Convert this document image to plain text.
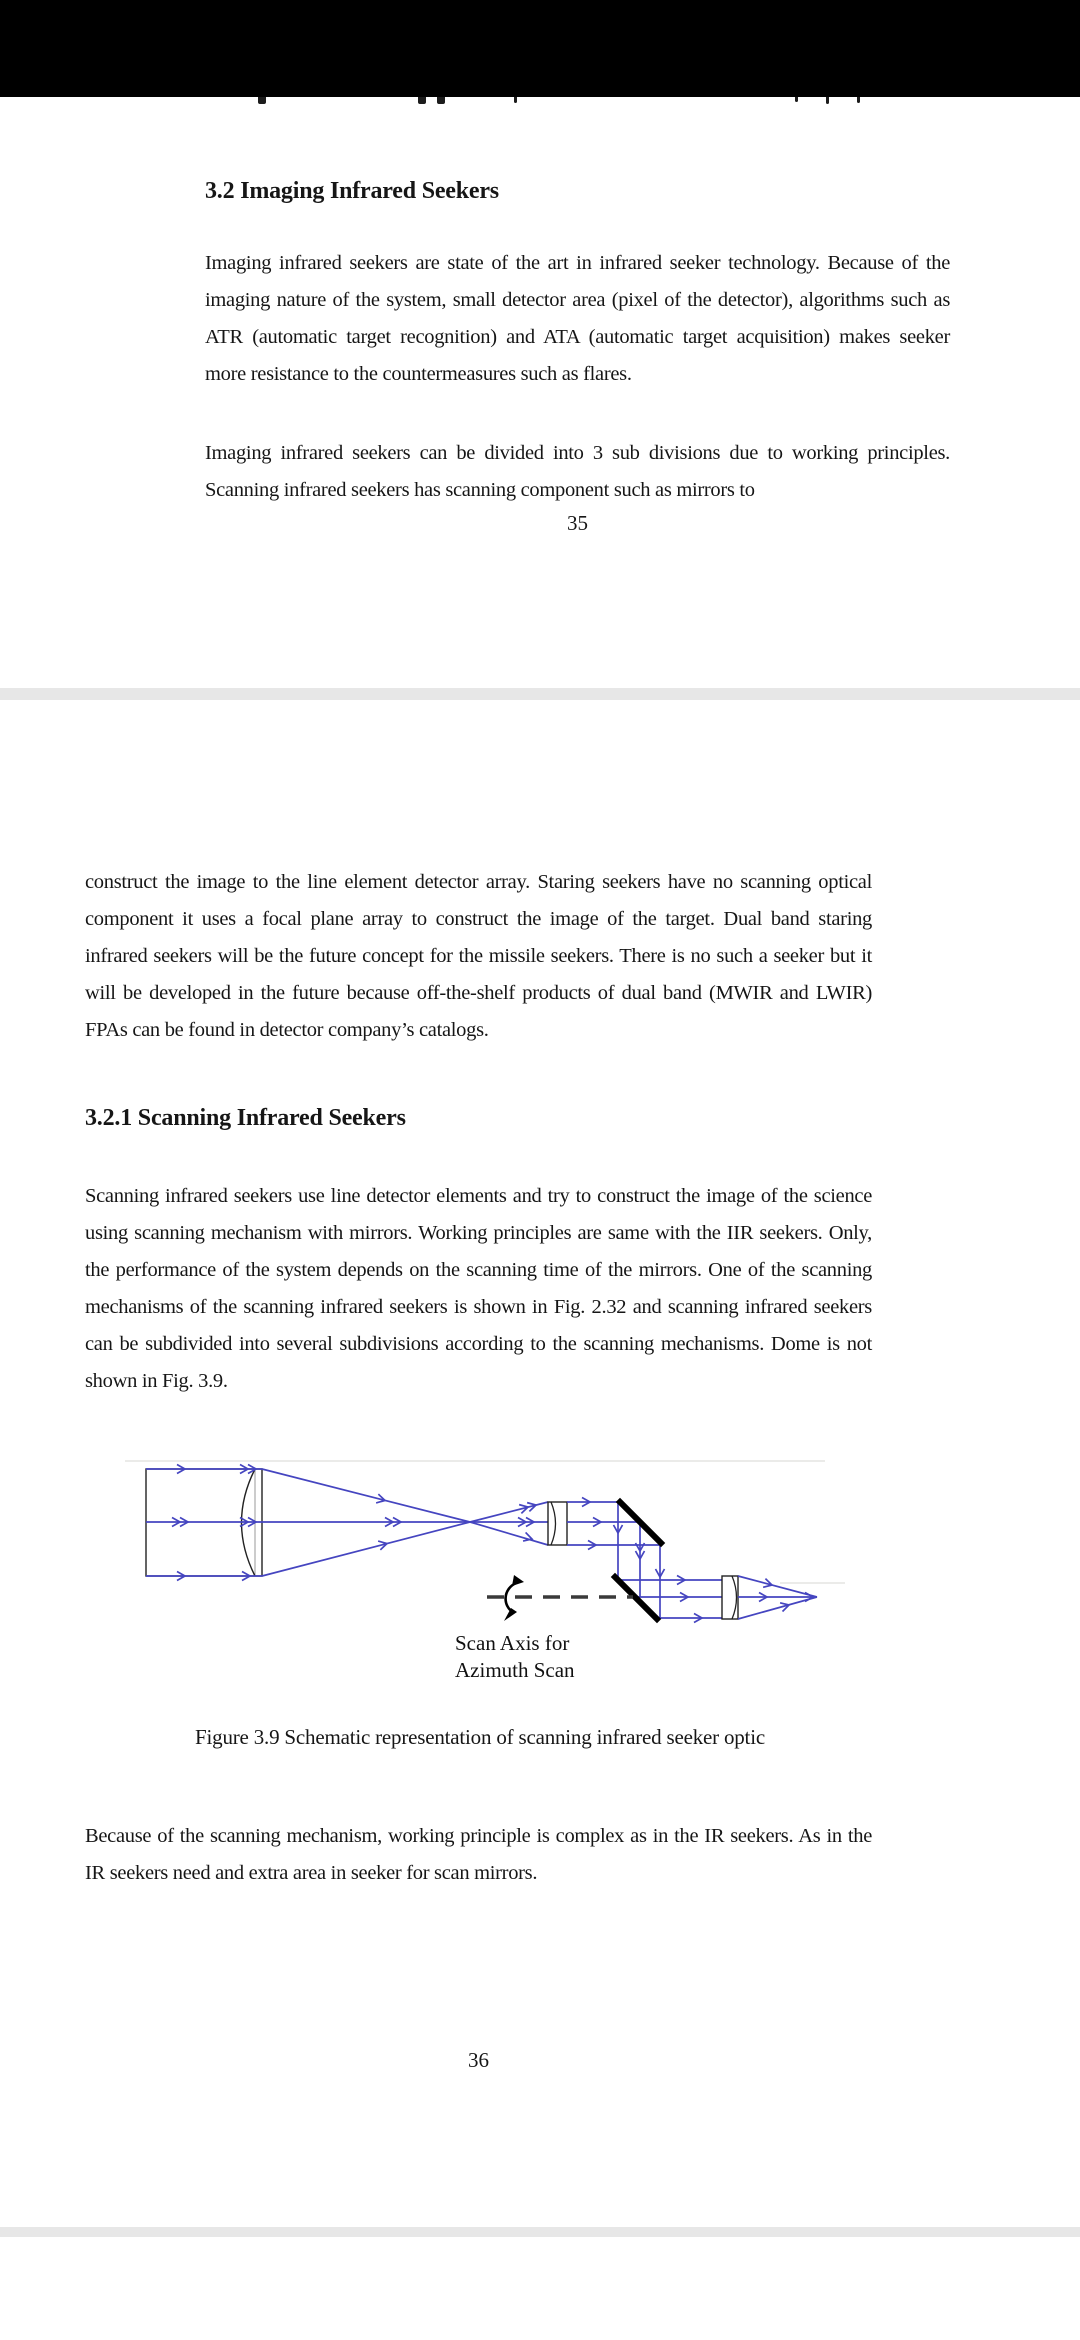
3.2 Imaging Infrared Seekers

Imaging infrared seekers are state of the art in infrared seeker technology. Because of the imaging nature of the system, small detector area (pixel of the detector), algorithms such as ATR (automatic target recognition) and ATA (automatic target acquisition) makes seeker more resistance to the countermeasures such as flares.

Imaging infrared seekers can be divided into 3 sub divisions due to working principles. Scanning infrared seekers has scanning component such as mirrors to

35

construct the image to the line element detector array. Staring seekers have no scanning optical component it uses a focal plane array to construct the image of the target. Dual band staring infrared seekers will be the future concept for the missile seekers. There is no such a seeker but it will be developed in the future because off-the-shelf products of dual band (MWIR and LWIR) FPAs can be found in detector company’s catalogs.

3.2.1 Scanning Infrared Seekers

Scanning infrared seekers use line detector elements and try to construct the image of the science using scanning mechanism with mirrors. Working principles are same with the IIR seekers. Only, the performance of the system depends on the scanning time of the mirrors. One of the scanning mechanisms of the scanning infrared seekers is shown in Fig. 2.32 and scanning infrared seekers can be subdivided into several subdivisions according to the scanning mechanisms. Dome is not shown in Fig. 3.9.

Scan Axis for
Azimuth Scan
Figure 3.9 Schematic representation of scanning infrared seeker optic

Because of the scanning mechanism, working principle is complex as in the IR seekers. As in the IR seekers need and extra area in seeker for scan mirrors.

36
